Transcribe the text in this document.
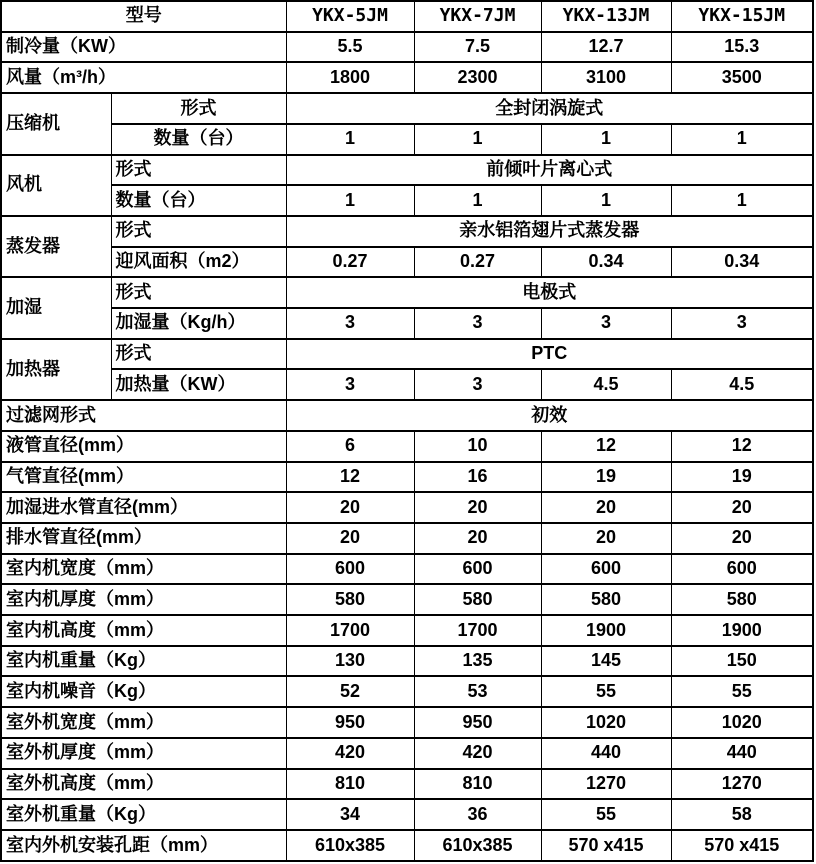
型号		YKX-5JM	YKX-7JM	YKX-13JM	YKX-15JM
制冷量（KW）		5.5	7.5	12.7	15.3
风量（m³/h）		1800	2300	3100	3500
压缩机	形式	全封闭涡旋式			
	数量（台）	1	1	1	1
风机	形式	前倾叶片离心式			
	数量（台）	1	1	1	1
蒸发器	形式	亲水铝箔翅片式蒸发器			
	迎风面积（m2）	0.27	0.27	0.34	0.34
加湿	形式	电极式			
	加湿量（Kg/h）	3	3	3	3
加热器	形式	PTC			
	加热量（KW）	3	3	4.5	4.5
过滤网形式		初效			
液管直径(mm）		6	10	12	12
气管直径(mm）		12	16	19	19
加湿进水管直径(mm）		20	20	20	20
排水管直径(mm）		20	20	20	20
室内机宽度（mm）		600	600	600	600
室内机厚度（mm）		580	580	580	580
室内机高度（mm）		1700	1700	1900	1900
室内机重量（Kg）		130	135	145	150
室内机噪音（Kg）		52	53	55	55
室外机宽度（mm）		950	950	1020	1020
室外机厚度（mm）		420	420	440	440
室外机高度（mm）		810	810	1270	1270
室外机重量（Kg）		34	36	55	58
室内外机安装孔距（mm）		610x385	610x385	570 x415	570 x415
